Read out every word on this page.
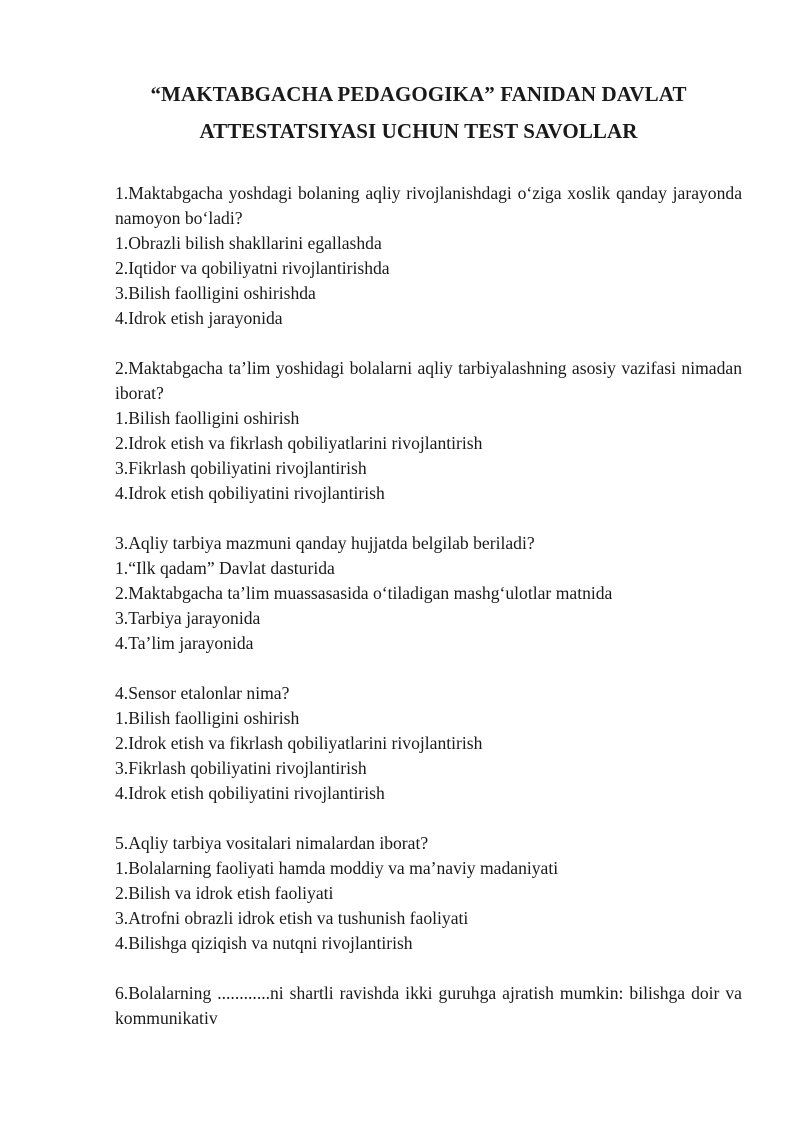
“MAKTABGACHA PEDAGOGIKA” FANIDAN DAVLAT
ATTESTATSIYASI UCHUN TEST SAVOLLAR
1.Maktabgacha yoshdagi bolaning aqliy rivojlanishdagi o‘ziga xoslik qanday jarayonda namoyon bo‘ladi?
1.Obrazli bilish shakllarini egallashda
2.Iqtidor va qobiliyatni rivojlantirishda
3.Bilish faolligini oshirishda
4.Idrok etish jarayonida
2.Maktabgacha ta’lim yoshidagi bolalarni aqliy tarbiyalashning asosiy vazifasi nimadan iborat?
1.Bilish faolligini oshirish
2.Idrok etish va fikrlash qobiliyatlarini rivojlantirish
3.Fikrlash qobiliyatini rivojlantirish
4.Idrok etish qobiliyatini rivojlantirish
3.Aqliy tarbiya mazmuni qanday hujjatda belgilab beriladi?
1.“Ilk qadam” Davlat dasturida
2.Maktabgacha ta’lim muassasasida o‘tiladigan mashg‘ulotlar matnida
3.Tarbiya jarayonida
4.Ta’lim jarayonida
4.Sensor etalonlar nima?
1.Bilish faolligini oshirish
2.Idrok etish va fikrlash qobiliyatlarini rivojlantirish
3.Fikrlash qobiliyatini rivojlantirish
4.Idrok etish qobiliyatini rivojlantirish
5.Aqliy tarbiya vositalari nimalardan iborat?
1.Bolalarning faoliyati hamda moddiy va ma’naviy madaniyati
2.Bilish va idrok etish faoliyati
3.Atrofni obrazli idrok etish va tushunish faoliyati
4.Bilishga qiziqish va nutqni rivojlantirish
6.Bolalarning ............ni shartli ravishda ikki guruhga ajratish mumkin: bilishga doir va kommunikativ
